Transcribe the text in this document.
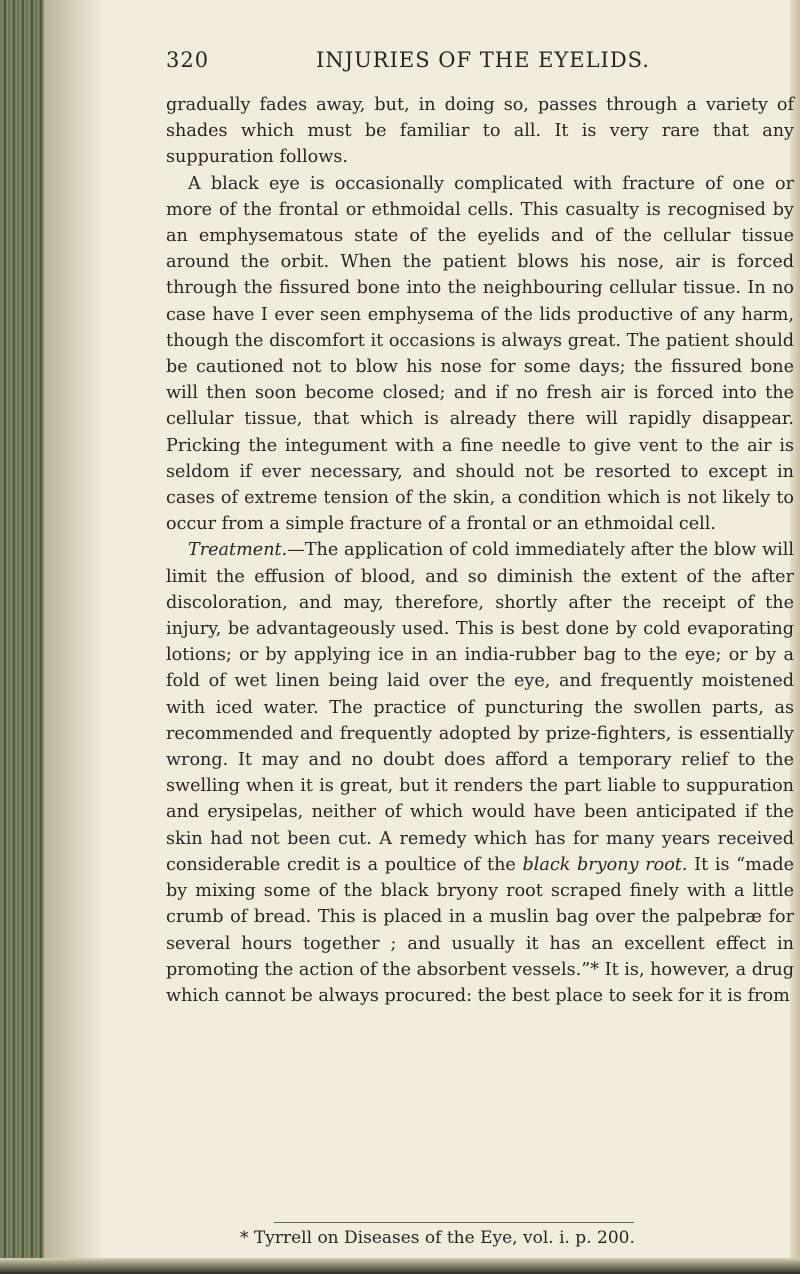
320	INJURIES OF THE EYELIDS.

gradually fades away, but, in doing so, passes through a variety of shades which must be familiar to all. It is very rare that any suppuration follows.

A black eye is occasionally complicated with fracture of one or more of the frontal or ethmoidal cells. This casualty is recognised by an emphysematous state of the eyelids and of the cellular tissue around the orbit. When the patient blows his nose, air is forced through the fissured bone into the neighbouring cellular tissue. In no case have I ever seen emphysema of the lids productive of any harm, though the discomfort it occasions is always great. The patient should be cautioned not to blow his nose for some days; the fissured bone will then soon become closed; and if no fresh air is forced into the cellular tissue, that which is already there will rapidly disappear. Pricking the integument with a fine needle to give vent to the air is seldom if ever necessary, and should not be resorted to except in cases of extreme tension of the skin, a condition which is not likely to occur from a simple fracture of a frontal or an ethmoidal cell.

Treatment.—The application of cold immediately after the blow will limit the effusion of blood, and so diminish the extent of the after discoloration, and may, therefore, shortly after the receipt of the injury, be advantageously used. This is best done by cold evaporating lotions; or by applying ice in an india-rubber bag to the eye; or by a fold of wet linen being laid over the eye, and frequently moistened with iced water. The practice of puncturing the swollen parts, as recommended and frequently adopted by prize-fighters, is essentially wrong. It may and no doubt does afford a temporary relief to the swelling when it is great, but it renders the part liable to suppuration and erysipelas, neither of which would have been anticipated if the skin had not been cut. A remedy which has for many years received considerable credit is a poultice of the black bryony root. It is “made by mixing some of the black bryony root scraped finely with a little crumb of bread. This is placed in a muslin bag over the palpebræ for several hours together ; and usually it has an excellent effect in promoting the action of the absorbent vessels.”* It is, however, a drug which cannot be always procured: the best place to seek for it is from

* Tyrrell on Diseases of the Eye, vol. i. p. 200.
